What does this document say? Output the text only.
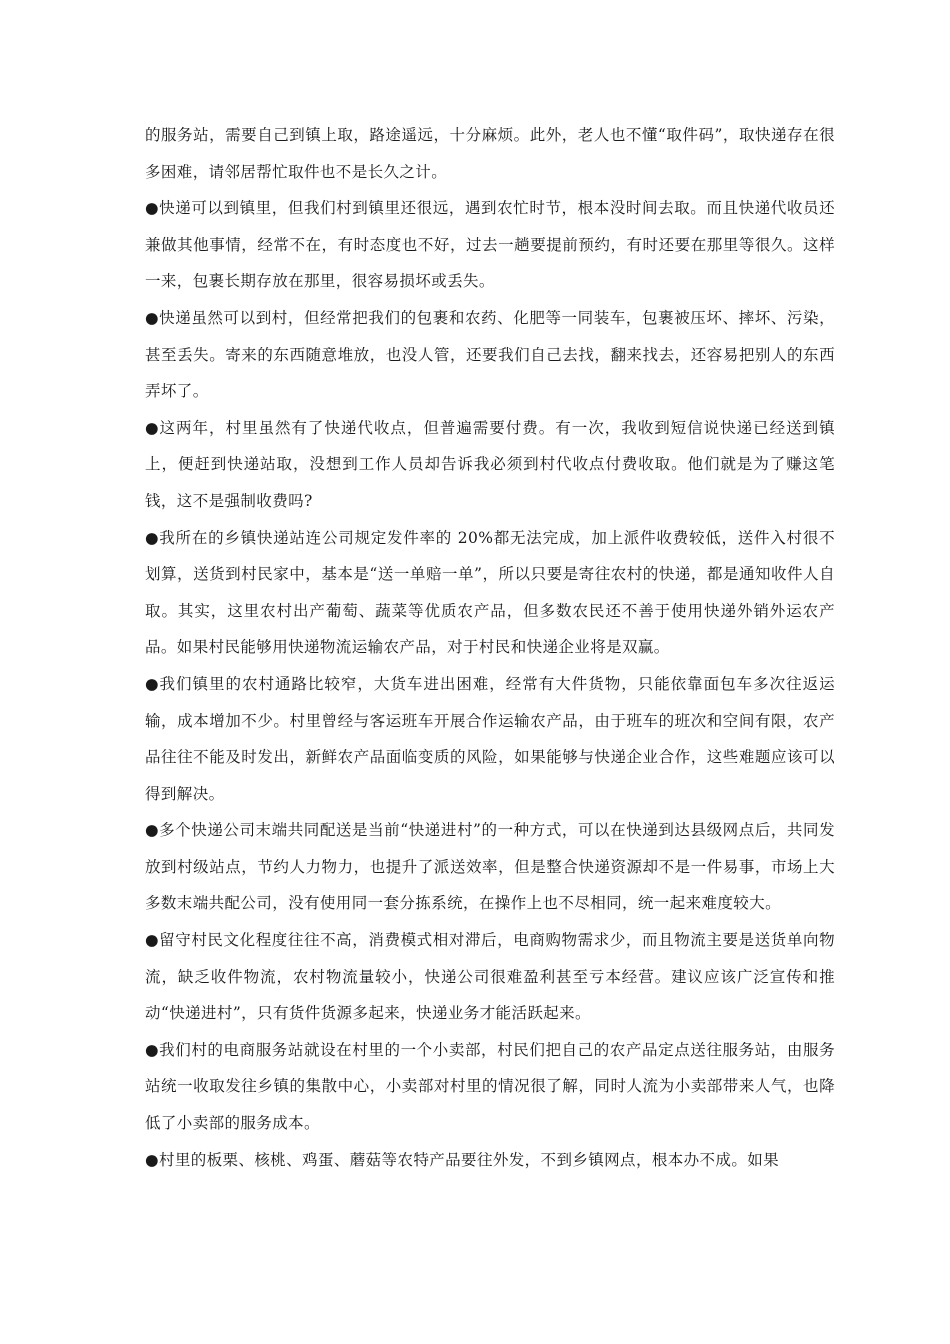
的服务站，需要自己到镇上取，路途遥远，十分麻烦。此外，老人也不懂“取件码”，取快递存在很多困难，请邻居帮忙取件也不是长久之计。

●快递可以到镇里，但我们村到镇里还很远，遇到农忙时节，根本没时间去取。而且快递代收员还兼做其他事情，经常不在，有时态度也不好，过去一趟要提前预约，有时还要在那里等很久。这样一来，包裹长期存放在那里，很容易损坏或丢失。

●快递虽然可以到村，但经常把我们的包裹和农药、化肥等一同装车，包裹被压坏、摔坏、污染，甚至丢失。寄来的东西随意堆放，也没人管，还要我们自己去找，翻来找去，还容易把别人的东西弄坏了。

●这两年，村里虽然有了快递代收点，但普遍需要付费。有一次，我收到短信说快递已经送到镇上，便赶到快递站取，没想到工作人员却告诉我必须到村代收点付费收取。他们就是为了赚这笔钱，这不是强制收费吗?

●我所在的乡镇快递站连公司规定发件率的 20%都无法完成，加上派件收费较低，送件入村很不划算，送货到村民家中，基本是“送一单赔一单”，所以只要是寄往农村的快递，都是通知收件人自取。其实，这里农村出产葡萄、蔬菜等优质农产品，但多数农民还不善于使用快递外销外运农产品。如果村民能够用快递物流运输农产品，对于村民和快递企业将是双赢。

●我们镇里的农村通路比较窄，大货车进出困难，经常有大件货物，只能依靠面包车多次往返运输，成本增加不少。村里曾经与客运班车开展合作运输农产品，由于班车的班次和空间有限，农产品往往不能及时发出，新鲜农产品面临变质的风险，如果能够与快递企业合作，这些难题应该可以得到解决。

●多个快递公司末端共同配送是当前“快递进村”的一种方式，可以在快递到达县级网点后，共同发放到村级站点，节约人力物力，也提升了派送效率，但是整合快递资源却不是一件易事，市场上大多数末端共配公司，没有使用同一套分拣系统，在操作上也不尽相同，统一起来难度较大。

●留守村民文化程度往往不高，消费模式相对滞后，电商购物需求少，而且物流主要是送货单向物流，缺乏收件物流，农村物流量较小，快递公司很难盈利甚至亏本经营。建议应该广泛宣传和推动“快递进村”，只有货件货源多起来，快递业务才能活跃起来。

●我们村的电商服务站就设在村里的一个小卖部，村民们把自己的农产品定点送往服务站，由服务站统一收取发往乡镇的集散中心，小卖部对村里的情况很了解，同时人流为小卖部带来人气，也降低了小卖部的服务成本。

●村里的板栗、核桃、鸡蛋、蘑菇等农特产品要往外发，不到乡镇网点，根本办不成。如果
